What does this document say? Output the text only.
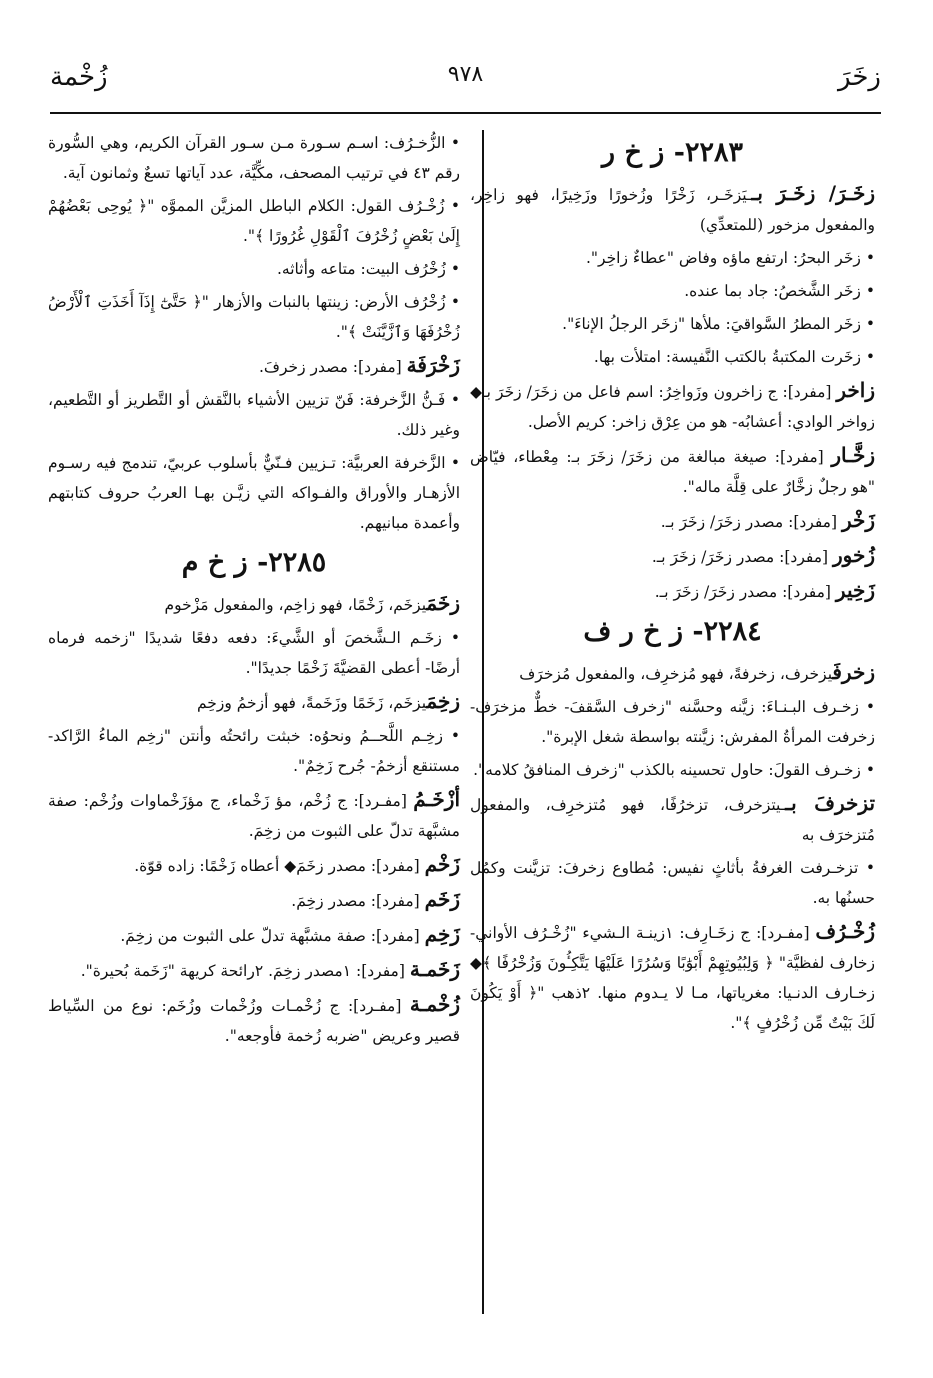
زخَرَ
٩٧٨
زُخْمة
٢٢٨٣- ز خ ر

زخَـرَ/ زخَـرَ بــيَزخَـر، زَخْرًا وزُخورًا وزَخِيرًا، فهو زاخِر، والمفعول مزخور (للمتعدِّي)

• زخَر البحرُ: ارتفع ماؤه وفاض "عطاءٌ زاخِر".

• زخَر الشَّخصُ: جاد بما عنده.

• زخَر المطرُ السَّواقيَ: ملأها "زخَر الرجلُ الإناءَ".

• زخَرت المكتبةُ بالكتب النَّفيسة: امتلأت بها.

زاخر [مفرد]: ج زاخرون وزَواخِرُ: اسم فاعل من زخَرَ/ زخَرَ بـ◆ زواخر الوادي: أعشابُه- هو من عِرْق زاخر: كريم الأصل.

زخَّـار [مفرد]: صيغة مبالغة من زخَرَ/ زخَرَ بـ: مِعْطاء، فيّاض "هو رجلٌ زخَّارٌ على قِلَّة ماله".

زَخْر [مفرد]: مصدر زخَرَ/ زخَرَ بـ.

زُخور [مفرد]: مصدر زخَرَ/ زخَرَ بـ.

زَخِير [مفرد]: مصدر زخَرَ/ زخَرَ بـ.

٢٢٨٤- ز خ ر ف

زخرفَيزخرف، زخرفةً، فهو مُزخرِف، والمفعول مُزخرَف

• زخـرف البـنـاءَ: زيَّنه وحسَّنه "زخرف السَّقفَ- خطٌّ مزخرَف- زخرفت المرأةُ المفرش: زيَّنته بواسطة شغل الإبرة".

• زخـرف القولَ: حاول تحسينه بالكذب "زخرف المنافقُ كلامه".

تزخرفَ بــيتزخرف، تزخرُفًا، فهو مُتزخرِف، والمفعول مُتزخرَف به

• تزخـرفت الغرفةُ بأثاثٍ نفيس: مُطاوع زخرفَ: تزيَّنت وكمُل حسنُها به.

زُخْـرُف [مفـرد]: ج زخَـارِف: ١زينـة الـشيء "زُخْـرُف الأواني- زخارف لفظيَّة" ﴿ وَلِبُيُوتِهِمْ أَبْوَٰبًا وَسُرُرًا عَلَيْهَا يَتَّكِـُٔونَ وَزُخْرُفًا ﴾◆ زخـارف الدنـيا: مغرياتها، مـا لا يـدوم منها. ٢ذهب "﴿ أَوْ يَكُونَ لَكَ بَيْتٌ مِّن زُخْرُفٍ ﴾".

• الزُّخـرُف: اسـم سـورة مـن سـور القرآن الكريم، وهي السُّورة رقم ٤٣ في ترتيب المصحف، مكِّيَّة، عدد آياتها تسعٌ وثمانون آية.

• زُخْـرُف القول: الكلام الباطل المزيَّن المموَّه "﴿ يُوحِى بَعْضُهُمْ إِلَىٰ بَعْضٍ زُخْرُفَ ٱلْقَوْلِ غُرُورًا ﴾".

• زُخْرُف البيت: متاعه وأثاثه.

• زُخْرُف الأرض: زينتها بالنبات والأزهار "﴿ حَتَّىٰٓ إِذَآ أَخَذَتِ ٱلْأَرْضُ زُخْرُفَهَا وَٱزَّيَّنَتْ ﴾".

زَخْرَفَة [مفرد]: مصدر زخرفَ.

• فَـنُّ الزَّخرفة: فَنّ تزيين الأشياء بالنَّقش أو التَّطريز أو التَّطعيم، وغير ذلك.

• الزَّخرفة العربيَّة: تـزيين فـنّيٌّ بأسلوب عربيّ، تندمج فيه رسـوم الأزهـار والأوراق والفـواكه التي زيَّـن بهـا العربُ حروف كتابتهم وأعمدة مبانيهم.

٢٢٨٥- ز خ م

زخَمَيزخَم، زَخْمًا، فهو زاخِم، والمفعول مَزْخوم

• زخَـم الـشَّخصَ أو الشَّيءَ: دفعه دفعًا شديدًا "زخمه فرماه أرضًا- أعطى القضيَّةَ زَخْمًا جديدًا".

زخِمَيزخَم، زَخَمًا وزَخَمةً، فهو أزخمُ وزخِم

• زخِـم اللَّحــمُ ونحوُه: خبثت رائحتُه وأنتن "زخِم الماءُ الرَّاكد- مستنقع أزخمُ- جُرح زَخِمٌ".

أزْخَـمُ [مفـرد]: ج زُخْم، مؤ زَخْماء، ج مؤزَخْماوات وزُخْم: صفة مشبَّهة تدلّ على الثبوت من زخِمَ.

زَخْم [مفرد]: مصدر زخَمَ◆ أعطاه زَخْمًا: زاده قوّة.

زَخَم [مفرد]: مصدر زخِمَ.

زَخِم [مفرد]: صفة مشبَّهة تدلّ على الثبوت من زخِمَ.

زَخَمـة [مفرد]: ١مصدر زخِمَ. ٢رائحة كريهة "زَخَمة بُحيرة".

زُخْمـة [مفـرد]: ج زُخْمـات وزُخْمات وزُخَم: نوع من السِّياط قصير وعريض "ضربه زُخمة فأوجعه".
